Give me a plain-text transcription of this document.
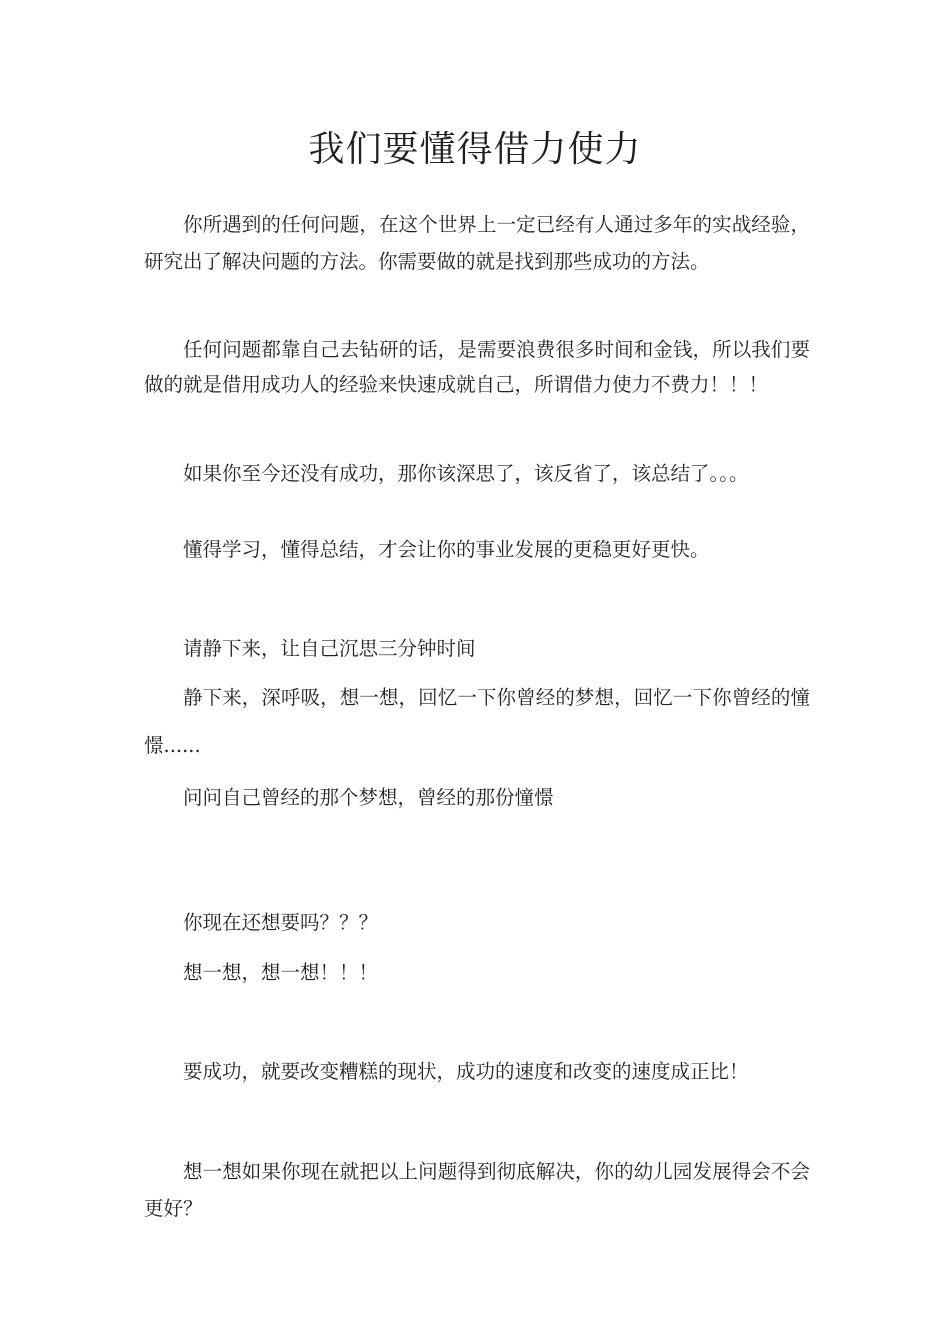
我们要懂得借力使力

你所遇到的任何问题，在这个世界上一定已经有人通过多年的实战经验，研究出了解决问题的方法。你需要做的就是找到那些成功的方法。

任何问题都靠自己去钻研的话，是需要浪费很多时间和金钱，所以我们要做的就是借用成功人的经验来快速成就自己，所谓借力使力不费力！！！

如果你至今还没有成功，那你该深思了，该反省了，该总结了。。。

懂得学习，懂得总结，才会让你的事业发展的更稳更好更快。

请静下来，让自己沉思三分钟时间

静下来，深呼吸，想一想，回忆一下你曾经的梦想，回忆一下你曾经的憧憬......

问问自己曾经的那个梦想，曾经的那份憧憬

你现在还想要吗？？？

想一想，想一想！！！

要成功，就要改变糟糕的现状，成功的速度和改变的速度成正比！

想一想如果你现在就把以上问题得到彻底解决，你的幼儿园发展得会不会更好？
